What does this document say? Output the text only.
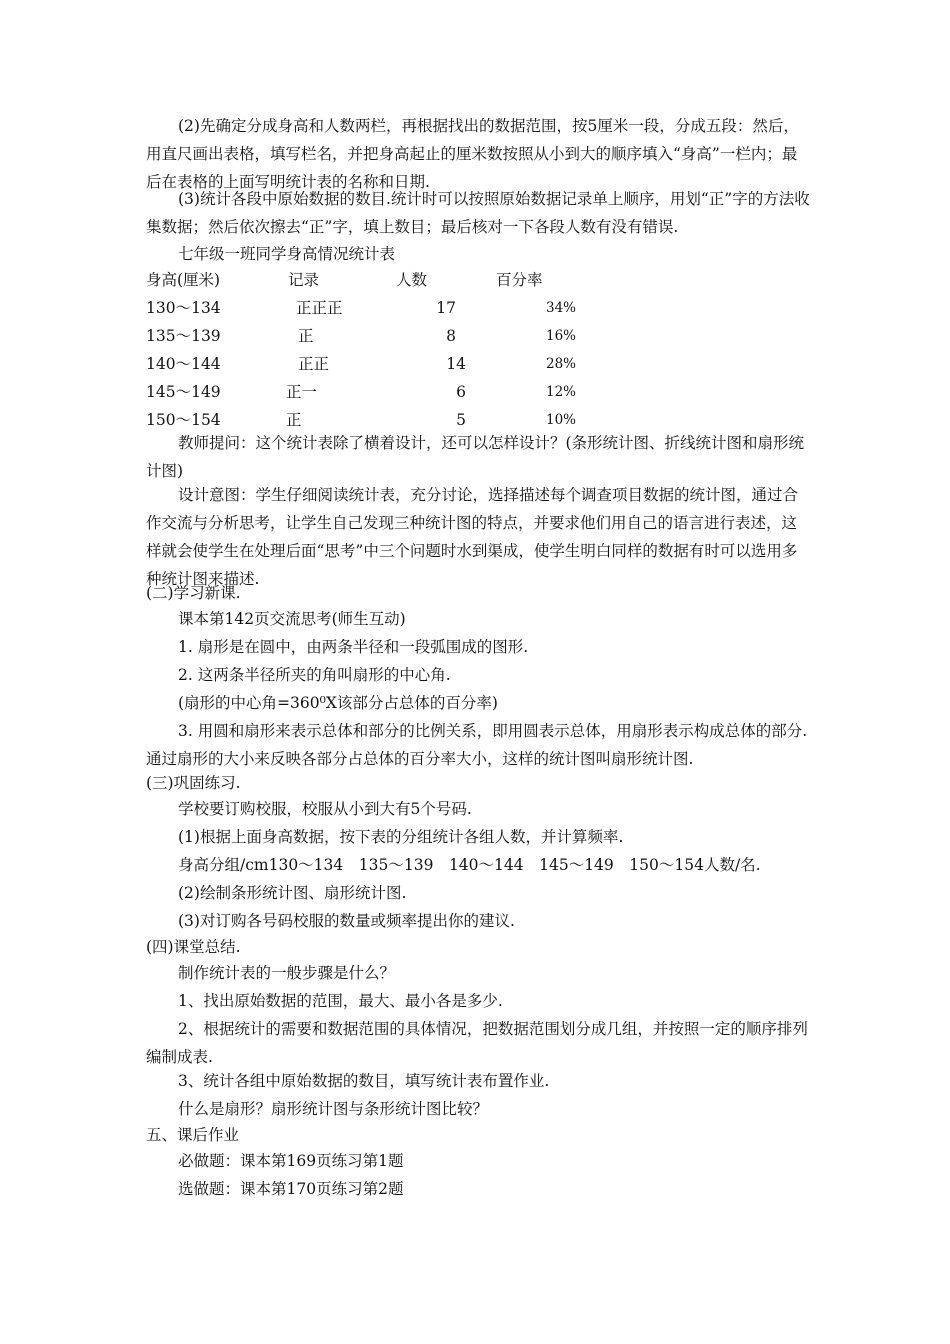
(2)先确定分成身高和人数两栏，再根据找出的数据范围，按5厘米一段，分成五段：然后，用直尺画出表格，填写栏名，并把身高起止的厘米数按照从小到大的顺序填入“身高”一栏内；最后在表格的上面写明统计表的名称和日期.

(3)统计各段中原始数据的数目.统计时可以按照原始数据记录单上顺序，用划“正”字的方法收集数据；然后依次擦去“正”字，填上数目；最后核对一下各段人数有没有错误.

七年级一班同学身高情况统计表
身高(厘米)	记录	人数	百分率
130～134	正正正	17	34%
135～139	正	8	16%
140～144	正正	14	28%
145～149	正一	6	12%
150～154	正	5	10%

教师提问：这个统计表除了横着设计，还可以怎样设计？(条形统计图、折线统计图和扇形统计图)

设计意图：学生仔细阅读统计表，充分讨论，选择描述每个调查项目数据的统计图，通过合作交流与分析思考，让学生自己发现三种统计图的特点，并要求他们用自己的语言进行表述，这样就会使学生在处理后面“思考”中三个问题时水到渠成，使学生明白同样的数据有时可以选用多种统计图来描述.

(二)学习新课.
课本第142页交流思考(师生互动)
1. 扇形是在圆中，由两条半径和一段弧围成的图形.
2. 这两条半径所夹的角叫扇形的中心角.
(扇形的中心角=360⁰X该部分占总体的百分率)

3. 用圆和扇形来表示总体和部分的比例关系，即用圆表示总体，用扇形表示构成总体的部分. 通过扇形的大小来反映各部分占总体的百分率大小，这样的统计图叫扇形统计图.

(三)巩固练习.
学校要订购校服，校服从小到大有5个号码.
(1)根据上面身高数据，按下表的分组统计各组人数，并计算频率.
身高分组/cm130～134　135～139　140～144　145～149　150～154人数/名.
(2)绘制条形统计图、扇形统计图.
(3)对订购各号码校服的数量或频率提出你的建议.
(四)课堂总结.
制作统计表的一般步骤是什么？
1、找出原始数据的范围，最大、最小各是多少.

2、根据统计的需要和数据范围的具体情况，把数据范围划分成几组，并按照一定的顺序排列编制成表.

3、统计各组中原始数据的数目，填写统计表布置作业.
什么是扇形？扇形统计图与条形统计图比较？
五、课后作业
必做题：课本第169页练习第1题
选做题：课本第170页练习第2题
